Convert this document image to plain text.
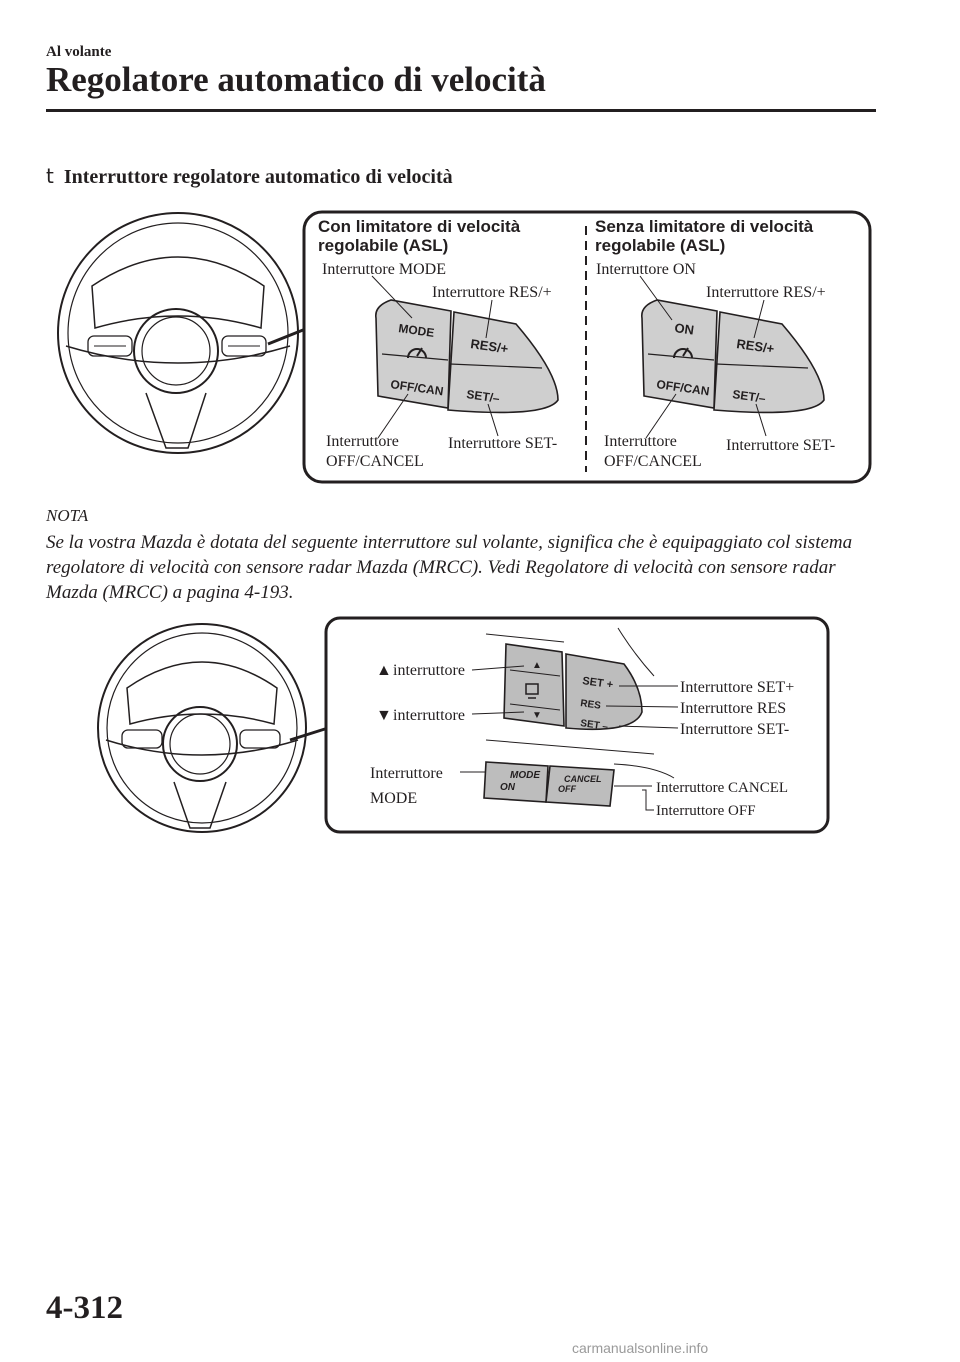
Al volante
Regolatore automatico di velocità
t Interruttore regolatore automatico di velocità
Con limitatore di velocità
regolabile (ASL)
MODE
OFF/CAN
RES/+
SET/–
Interruttore MODE
Interruttore RES/+
Interruttore
OFF/CANCEL
Interruttore SET-
Senza limitatore di velocità
regolabile (ASL)
ON
OFF/CAN
RES/+
SET/–
Interruttore ON
Interruttore RES/+
Interruttore
OFF/CANCEL
Interruttore SET-
NOTA
Se la vostra Mazda è dotata del seguente interruttore sul volante, significa che è equipaggiato col sistema regolatore di velocità con sensore radar Mazda (MRCC). Vedi Regolatore di velocità con sensore radar Mazda (MRCC) a pagina 4-193.
▲
▼
SET +
RES
SET –
MODE
ON
CANCEL
OFF
▲ interruttore
▼ interruttore
Interruttore
MODE
Interruttore SET+
Interruttore RES
Interruttore SET-
Interruttore CANCEL
Interruttore OFF
4-312
carmanualsonline.info
